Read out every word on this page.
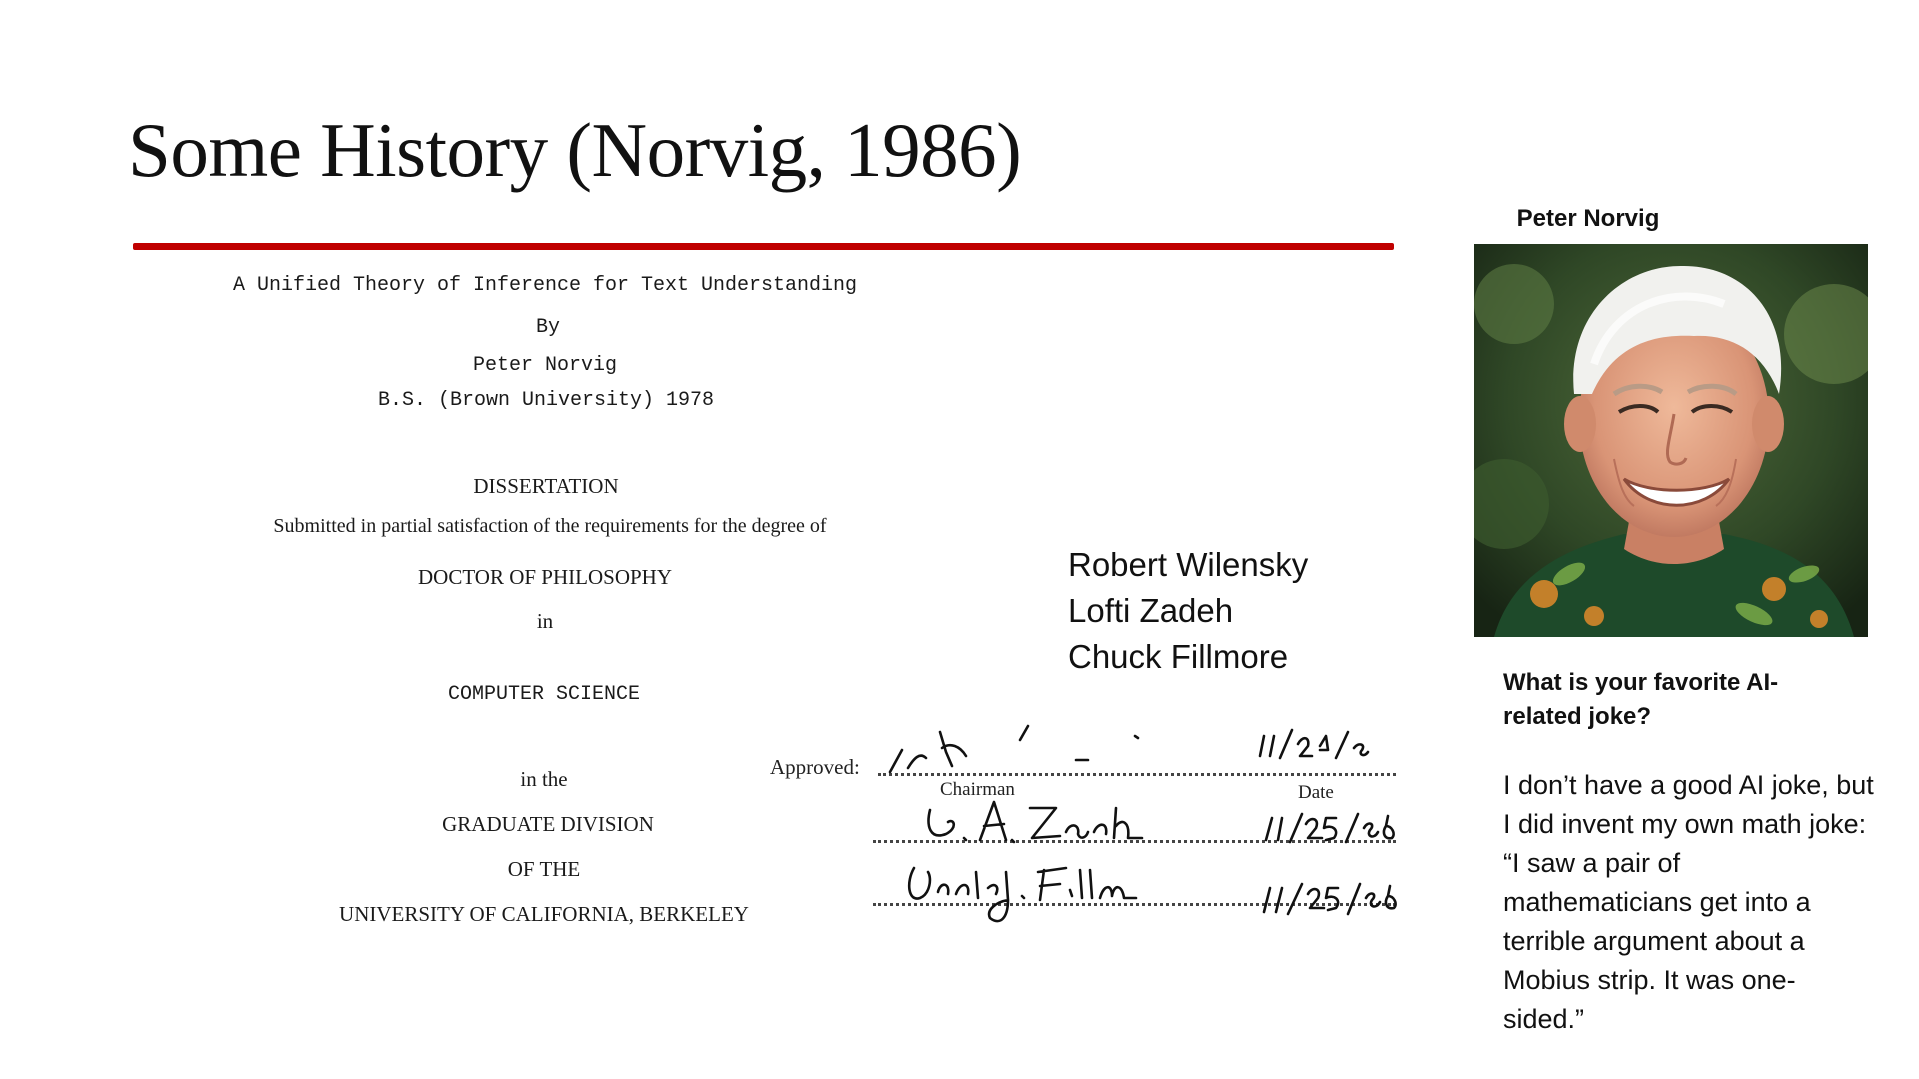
Some History (Norvig, 1986)
A Unified Theory of Inference for Text Understanding
By
Peter Norvig
B.S. (Brown University) 1978
DISSERTATION
Submitted in partial satisfaction of the requirements for the degree of
DOCTOR OF PHILOSOPHY
in
COMPUTER SCIENCE
in the
GRADUATE DIVISION
OF THE
UNIVERSITY OF CALIFORNIA, BERKELEY
Approved:
Chairman	Date
Robert Wilensky
Lofti Zadeh
Chuck Fillmore
Peter Norvig
What is your favorite AI-related joke?
I don’t have a good AI joke, but I did invent my own math joke: “I saw a pair of mathematicians get into a terrible argument about a Mobius strip. It was one-sided.”
